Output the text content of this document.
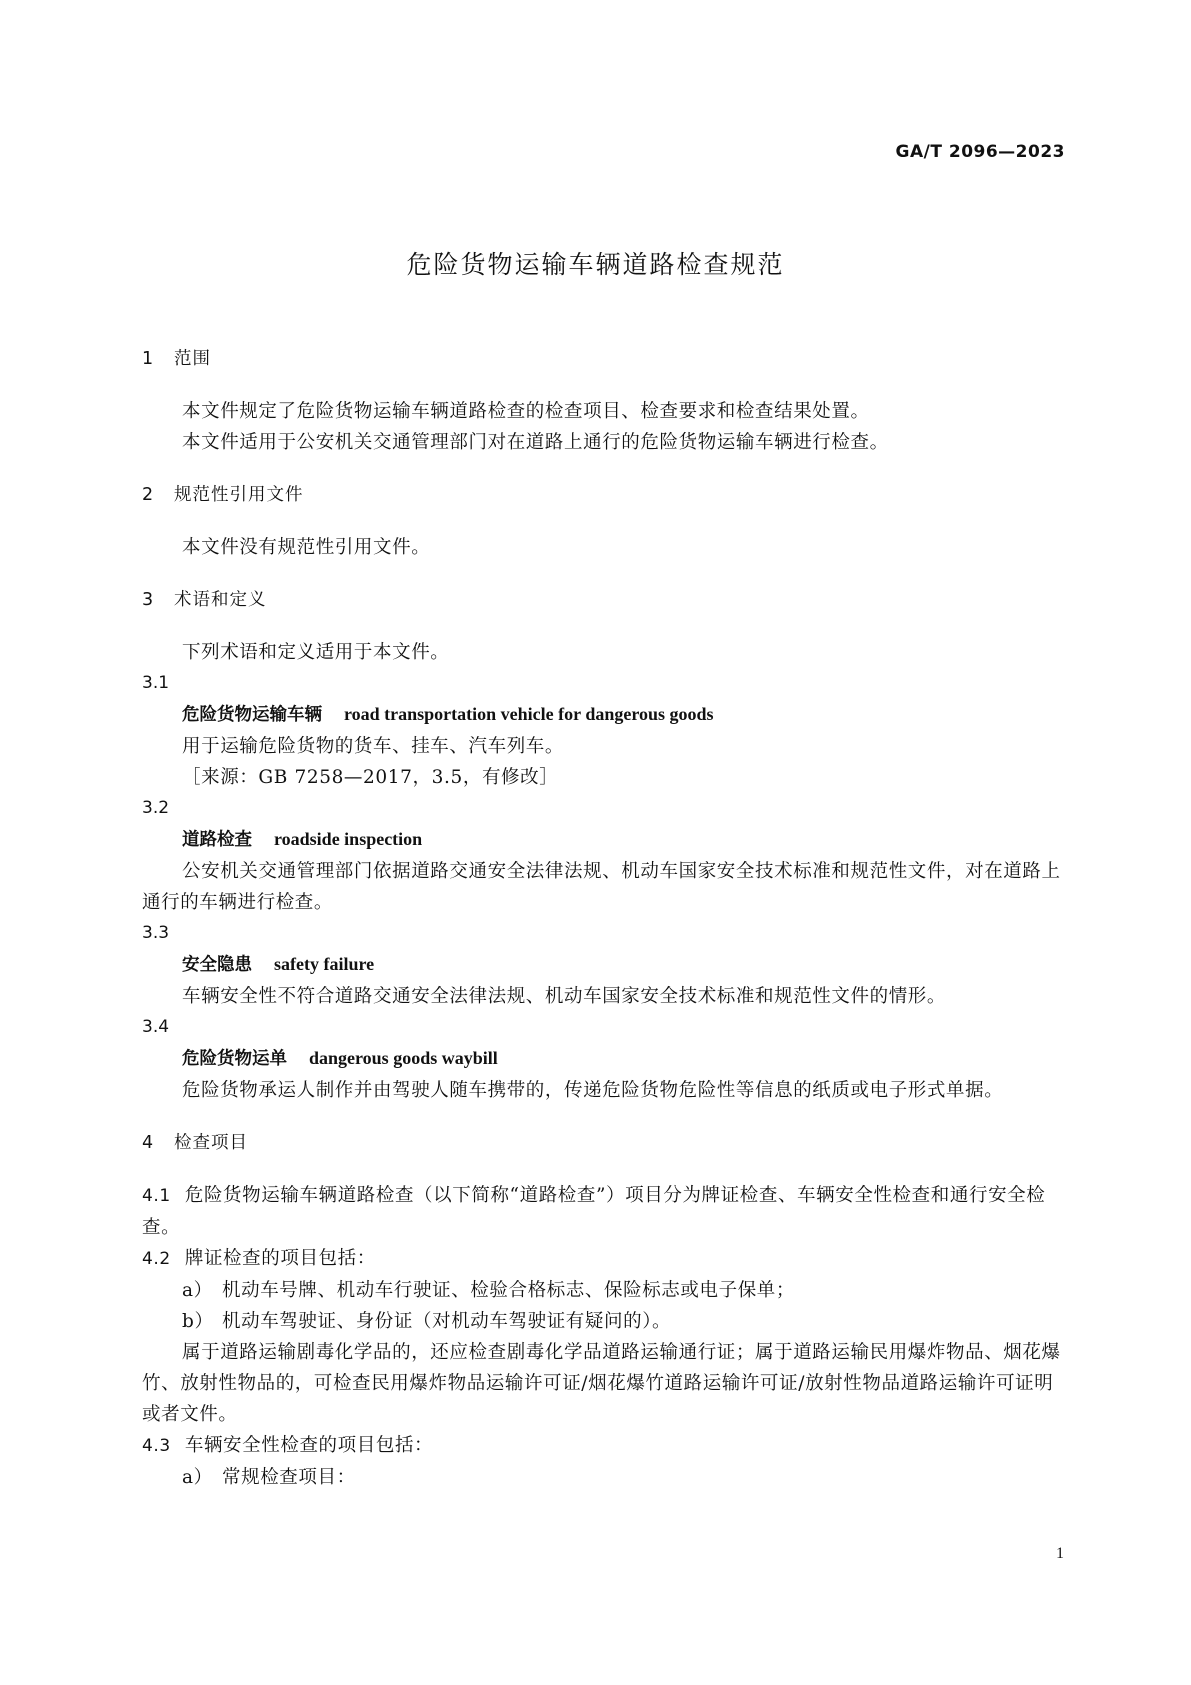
GA/T 2096—2023
危险货物运输车辆道路检查规范
1 范围

本文件规定了危险货物运输车辆道路检查的检查项目、检查要求和检查结果处置。

本文件适用于公安机关交通管理部门对在道路上通行的危险货物运输车辆进行检查。

2 规范性引用文件

本文件没有规范性引用文件。

3 术语和定义

下列术语和定义适用于本文件。

3.1

危险货物运输车辆 road transportation vehicle for dangerous goods

用于运输危险货物的货车、挂车、汽车列车。

［来源：GB 7258—2017，3.5，有修改］

3.2

道路检查 roadside inspection

公安机关交通管理部门依据道路交通安全法律法规、机动车国家安全技术标准和规范性文件，对在道路上通行的车辆进行检查。

3.3

安全隐患 safety failure

车辆安全性不符合道路交通安全法律法规、机动车国家安全技术标准和规范性文件的情形。

3.4

危险货物运单 dangerous goods waybill

危险货物承运人制作并由驾驶人随车携带的，传递危险货物危险性等信息的纸质或电子形式单据。

4 检查项目

4.1 危险货物运输车辆道路检查（以下简称“道路检查”）项目分为牌证检查、车辆安全性检查和通行安全检查。

4.2 牌证检查的项目包括：

a） 机动车号牌、机动车行驶证、检验合格标志、保险标志或电子保单；

b） 机动车驾驶证、身份证（对机动车驾驶证有疑问的）。

属于道路运输剧毒化学品的，还应检查剧毒化学品道路运输通行证；属于道路运输民用爆炸物品、烟花爆竹、放射性物品的，可检查民用爆炸物品运输许可证/烟花爆竹道路运输许可证/放射性物品道路运输许可证明或者文件。

4.3 车辆安全性检查的项目包括：

a） 常规检查项目：

1
